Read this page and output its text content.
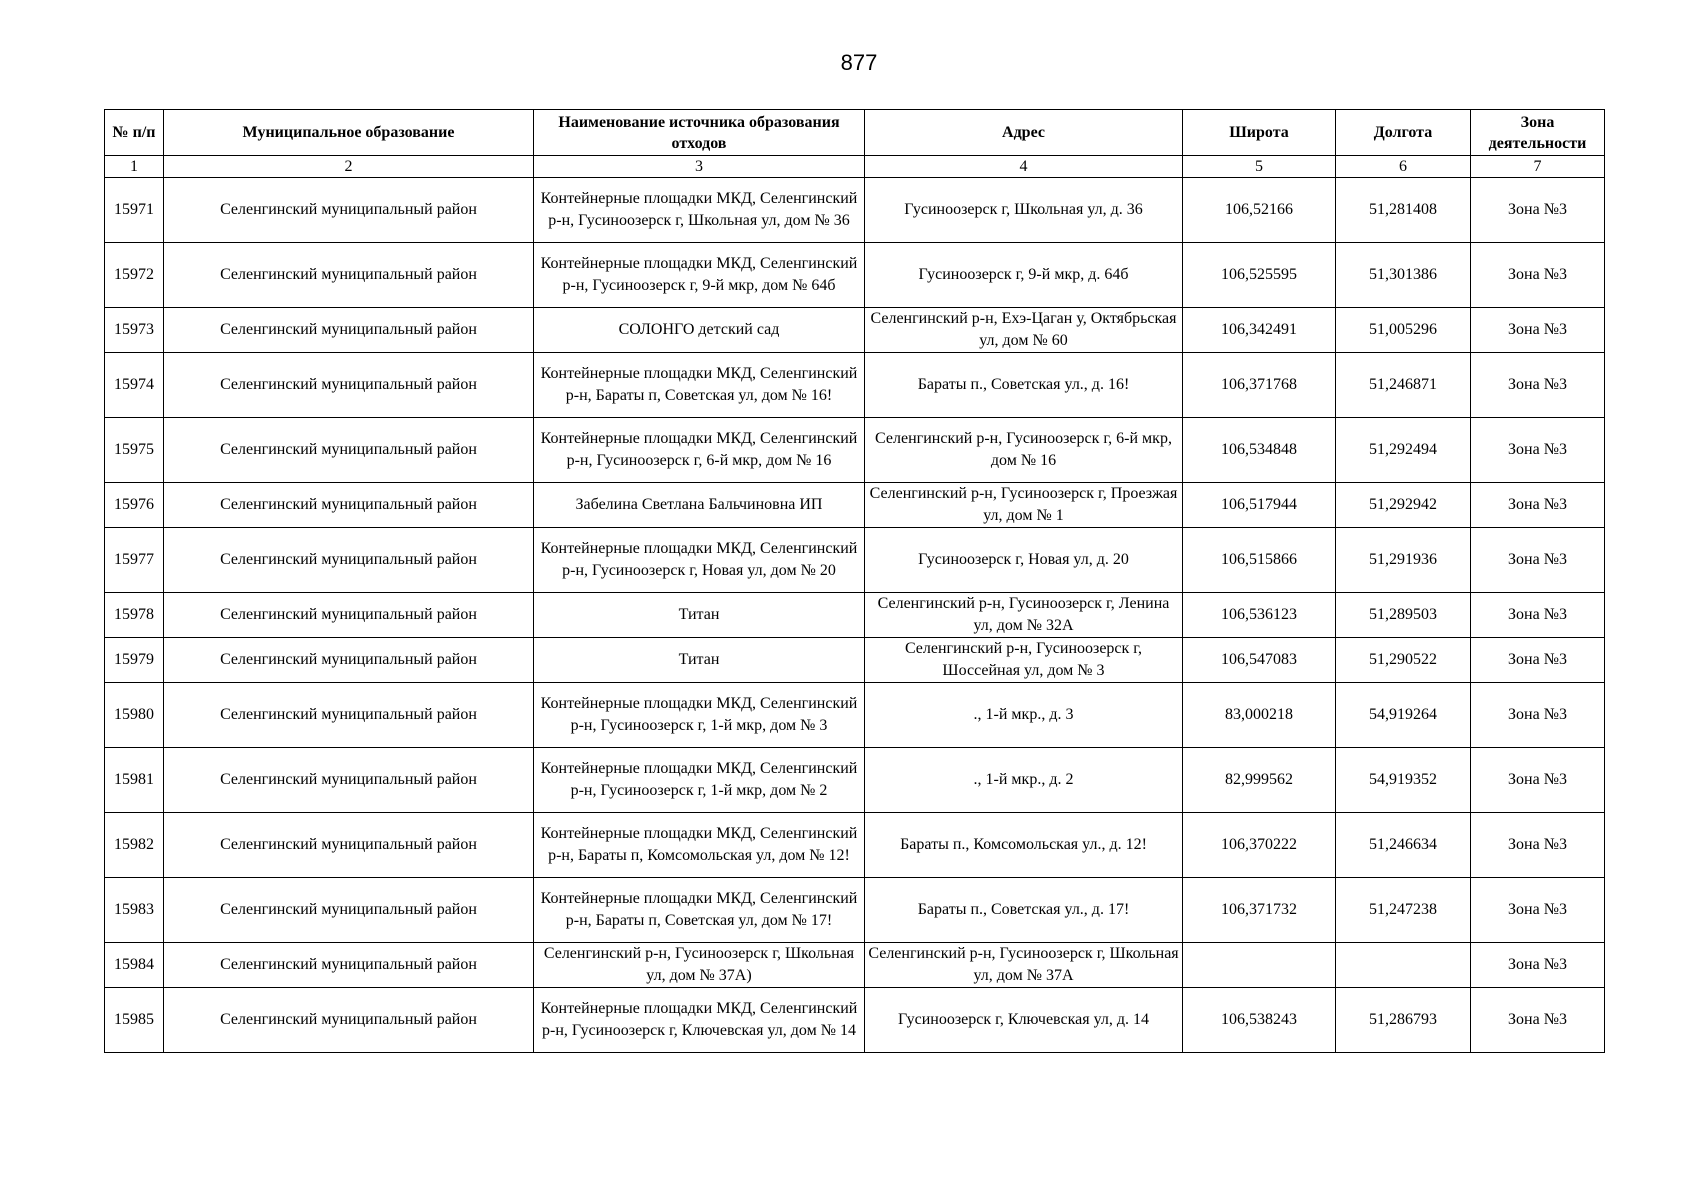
877
№ п/п	Муниципальное образование	Наименование источника образования отходов	Адрес	Широта	Долгота	Зона деятельности
1	2	3	4	5	6	7
15971	Селенгинский муниципальный район	Контейнерные площадки МКД, Селенгинский р-н, Гусиноозерск г, Школьная ул, дом № 36	Гусиноозерск г, Школьная ул, д. 36	106,52166	51,281408	Зона №3
15972	Селенгинский муниципальный район	Контейнерные площадки МКД, Селенгинский р-н, Гусиноозерск г, 9-й мкр, дом № 64б	Гусиноозерск г, 9-й мкр, д. 64б	106,525595	51,301386	Зона №3
15973	Селенгинский муниципальный район	СОЛОНГО детский сад	Селенгинский р-н, Ехэ-Цаган у, Октябрьская ул, дом № 60	106,342491	51,005296	Зона №3
15974	Селенгинский муниципальный район	Контейнерные площадки МКД, Селенгинский р-н, Бараты п, Советская ул, дом № 16!	Бараты п., Советская ул., д. 16!	106,371768	51,246871	Зона №3
15975	Селенгинский муниципальный район	Контейнерные площадки МКД, Селенгинский р-н, Гусиноозерск г, 6-й мкр, дом № 16	Селенгинский р-н, Гусиноозерск г, 6-й мкр, дом № 16	106,534848	51,292494	Зона №3
15976	Селенгинский муниципальный район	Забелина Светлана Бальчиновна ИП	Селенгинский р-н, Гусиноозерск г, Проезжая ул, дом № 1	106,517944	51,292942	Зона №3
15977	Селенгинский муниципальный район	Контейнерные площадки МКД, Селенгинский р-н, Гусиноозерск г, Новая ул, дом № 20	Гусиноозерск г, Новая ул, д. 20	106,515866	51,291936	Зона №3
15978	Селенгинский муниципальный район	Титан	Селенгинский р-н, Гусиноозерск г, Ленина ул, дом № 32А	106,536123	51,289503	Зона №3
15979	Селенгинский муниципальный район	Титан	Селенгинский р-н, Гусиноозерск г, Шоссейная ул, дом № 3	106,547083	51,290522	Зона №3
15980	Селенгинский муниципальный район	Контейнерные площадки МКД, Селенгинский р-н, Гусиноозерск г, 1-й мкр, дом № 3	., 1-й мкр., д. 3	83,000218	54,919264	Зона №3
15981	Селенгинский муниципальный район	Контейнерные площадки МКД, Селенгинский р-н, Гусиноозерск г, 1-й мкр, дом № 2	., 1-й мкр., д. 2	82,999562	54,919352	Зона №3
15982	Селенгинский муниципальный район	Контейнерные площадки МКД, Селенгинский р-н, Бараты п, Комсомольская ул, дом № 12!	Бараты п., Комсомольская ул., д. 12!	106,370222	51,246634	Зона №3
15983	Селенгинский муниципальный район	Контейнерные площадки МКД, Селенгинский р-н, Бараты п, Советская ул, дом № 17!	Бараты п., Советская ул., д. 17!	106,371732	51,247238	Зона №3
15984	Селенгинский муниципальный район	Селенгинский р-н, Гусиноозерск г, Школьная ул, дом № 37А)	Селенгинский р-н, Гусиноозерск г, Школьная ул, дом № 37А			Зона №3
15985	Селенгинский муниципальный район	Контейнерные площадки МКД, Селенгинский р-н, Гусиноозерск г, Ключевская ул, дом № 14	Гусиноозерск г, Ключевская ул, д. 14	106,538243	51,286793	Зона №3
